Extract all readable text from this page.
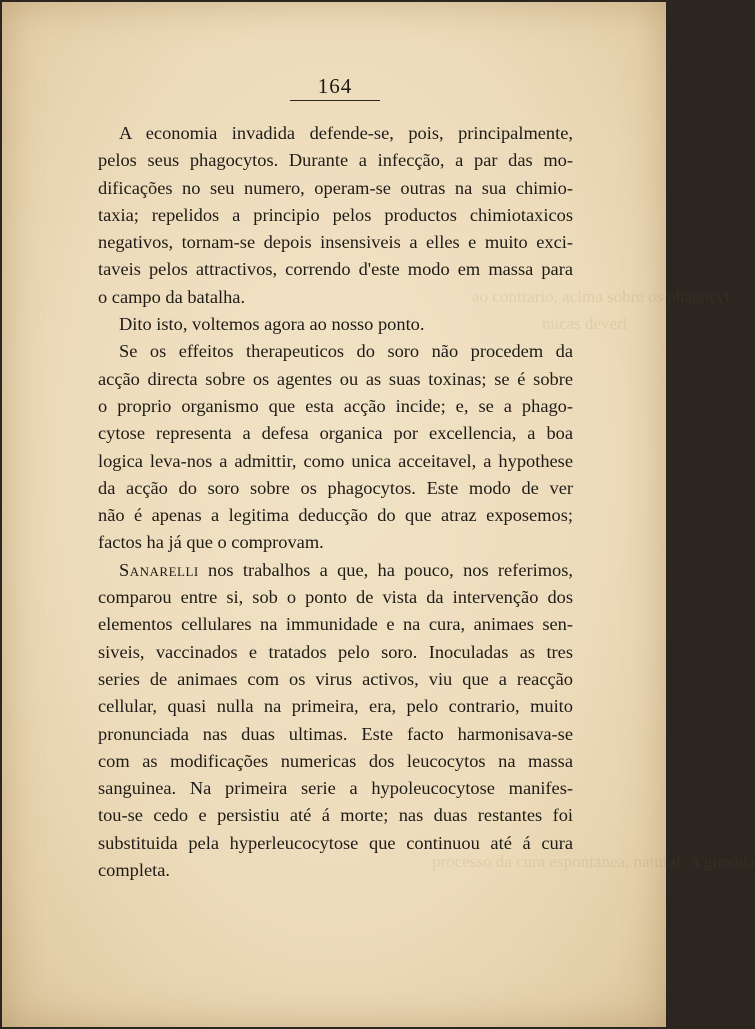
ao contrario, acima sobre os phagocyt
nucas deveri
processo da cura espontanea, natural. A gravida
164
A economia invadida defende-se, pois, principalmente,
pelos seus phagocytos. Durante a infecção, a par das mo-
dificações no seu numero, operam-se outras na sua chimio-
taxia; repelidos a principio pelos productos chimiotaxicos
negativos, tornam-se depois insensiveis a elles e muito exci-
taveis pelos attractivos, correndo d'este modo em massa para
o campo da batalha.
Dito isto, voltemos agora ao nosso ponto.
Se os effeitos therapeuticos do soro não procedem da
acção directa sobre os agentes ou as suas toxinas; se é sobre
o proprio organismo que esta acção incide; e, se a phago-
cytose representa a defesa organica por excellencia, a boa
logica leva-nos a admittir, como unica acceitavel, a hypothese
da acção do soro sobre os phagocytos. Este modo de ver
não é apenas a legitima deducção do que atraz exposemos;
factos ha já que o comprovam.
Sanarelli nos trabalhos a que, ha pouco, nos referimos,
comparou entre si, sob o ponto de vista da intervenção dos
elementos cellulares na immunidade e na cura, animaes sen-
siveis, vaccinados e tratados pelo soro. Inoculadas as tres
series de animaes com os virus activos, viu que a reacção
cellular, quasi nulla na primeira, era, pelo contrario, muito
pronunciada nas duas ultimas. Este facto harmonisava-se
com as modificações numericas dos leucocytos na massa
sanguinea. Na primeira serie a hypoleucocytose manifes-
tou-se cedo e persistiu até á morte; nas duas restantes foi
substituida pela hyperleucocytose que continuou até á cura
completa.
